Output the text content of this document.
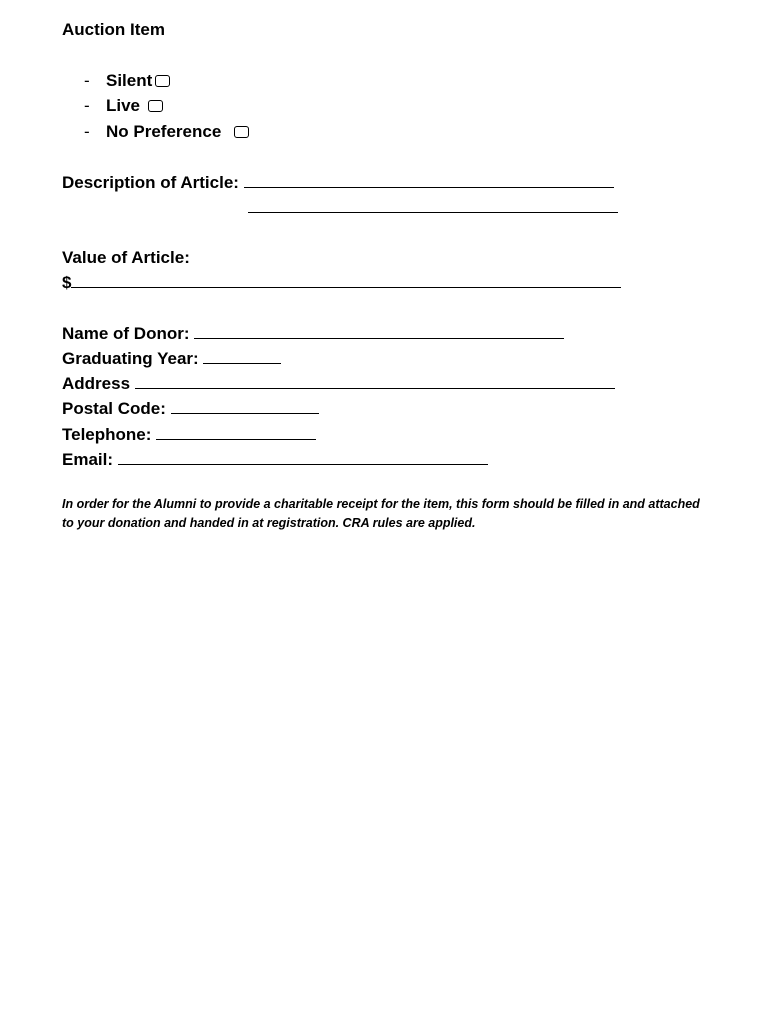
Auction Item
- Silent
- Live
- No Preference
Description of Article:
Value of Article:
$
Name of Donor:
Graduating Year:
Address
Postal Code:
Telephone:
Email:
In order for the Alumni to provide a charitable receipt for the item, this form should be filled in and attached to your donation and handed in at registration. CRA rules are applied.
